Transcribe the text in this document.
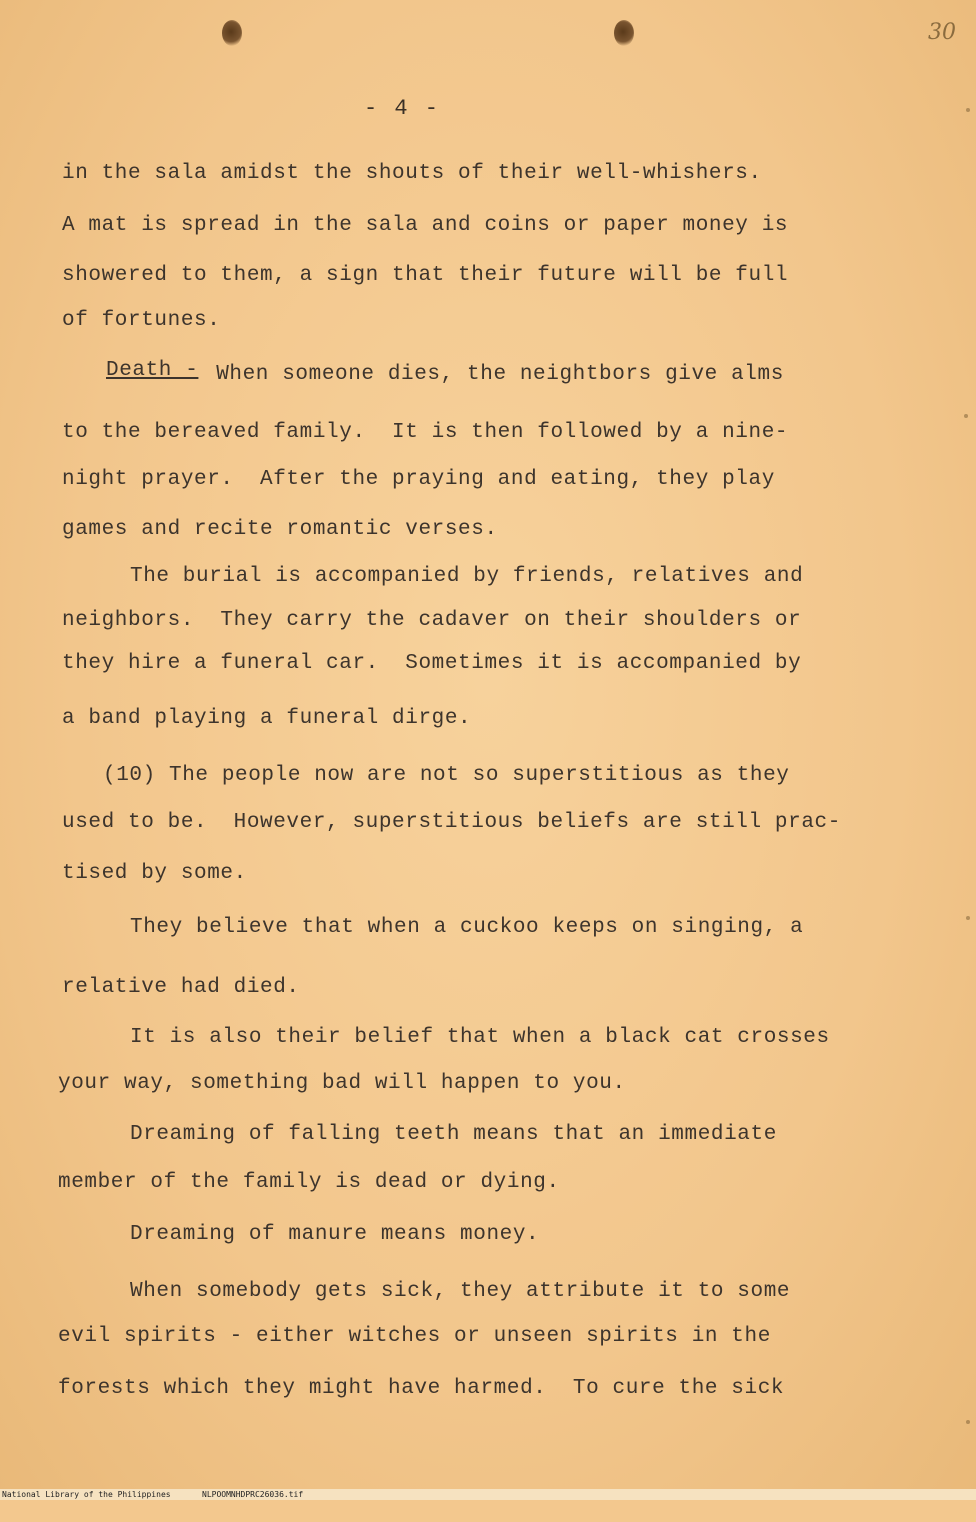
30
- 4 -
in the sala amidst the shouts of their well-whishers.
A mat is spread in the sala and coins or paper money is
showered to them, a sign that their future will be full
of fortunes.
Death - When someone dies, the neightbors give alms
to the bereaved family.  It is then followed by a nine-
night prayer.  After the praying and eating, they play
games and recite romantic verses.
The burial is accompanied by friends, relatives and
neighbors.  They carry the cadaver on their shoulders or
they hire a funeral car.  Sometimes it is accompanied by
a band playing a funeral dirge.
(10) The people now are not so superstitious as they
used to be.  However, superstitious beliefs are still prac-
tised by some.
They believe that when a cuckoo keeps on singing, a
relative had died.
It is also their belief that when a black cat crosses
your way, something bad will happen to you.
Dreaming of falling teeth means that an immediate
member of the family is dead or dying.
Dreaming of manure means money.
When somebody gets sick, they attribute it to some
evil spirits - either witches or unseen spirits in the
forests which they might have harmed.  To cure the sick

National Library of the Philippines

	NLPOOMNHDPRC26036.tif
